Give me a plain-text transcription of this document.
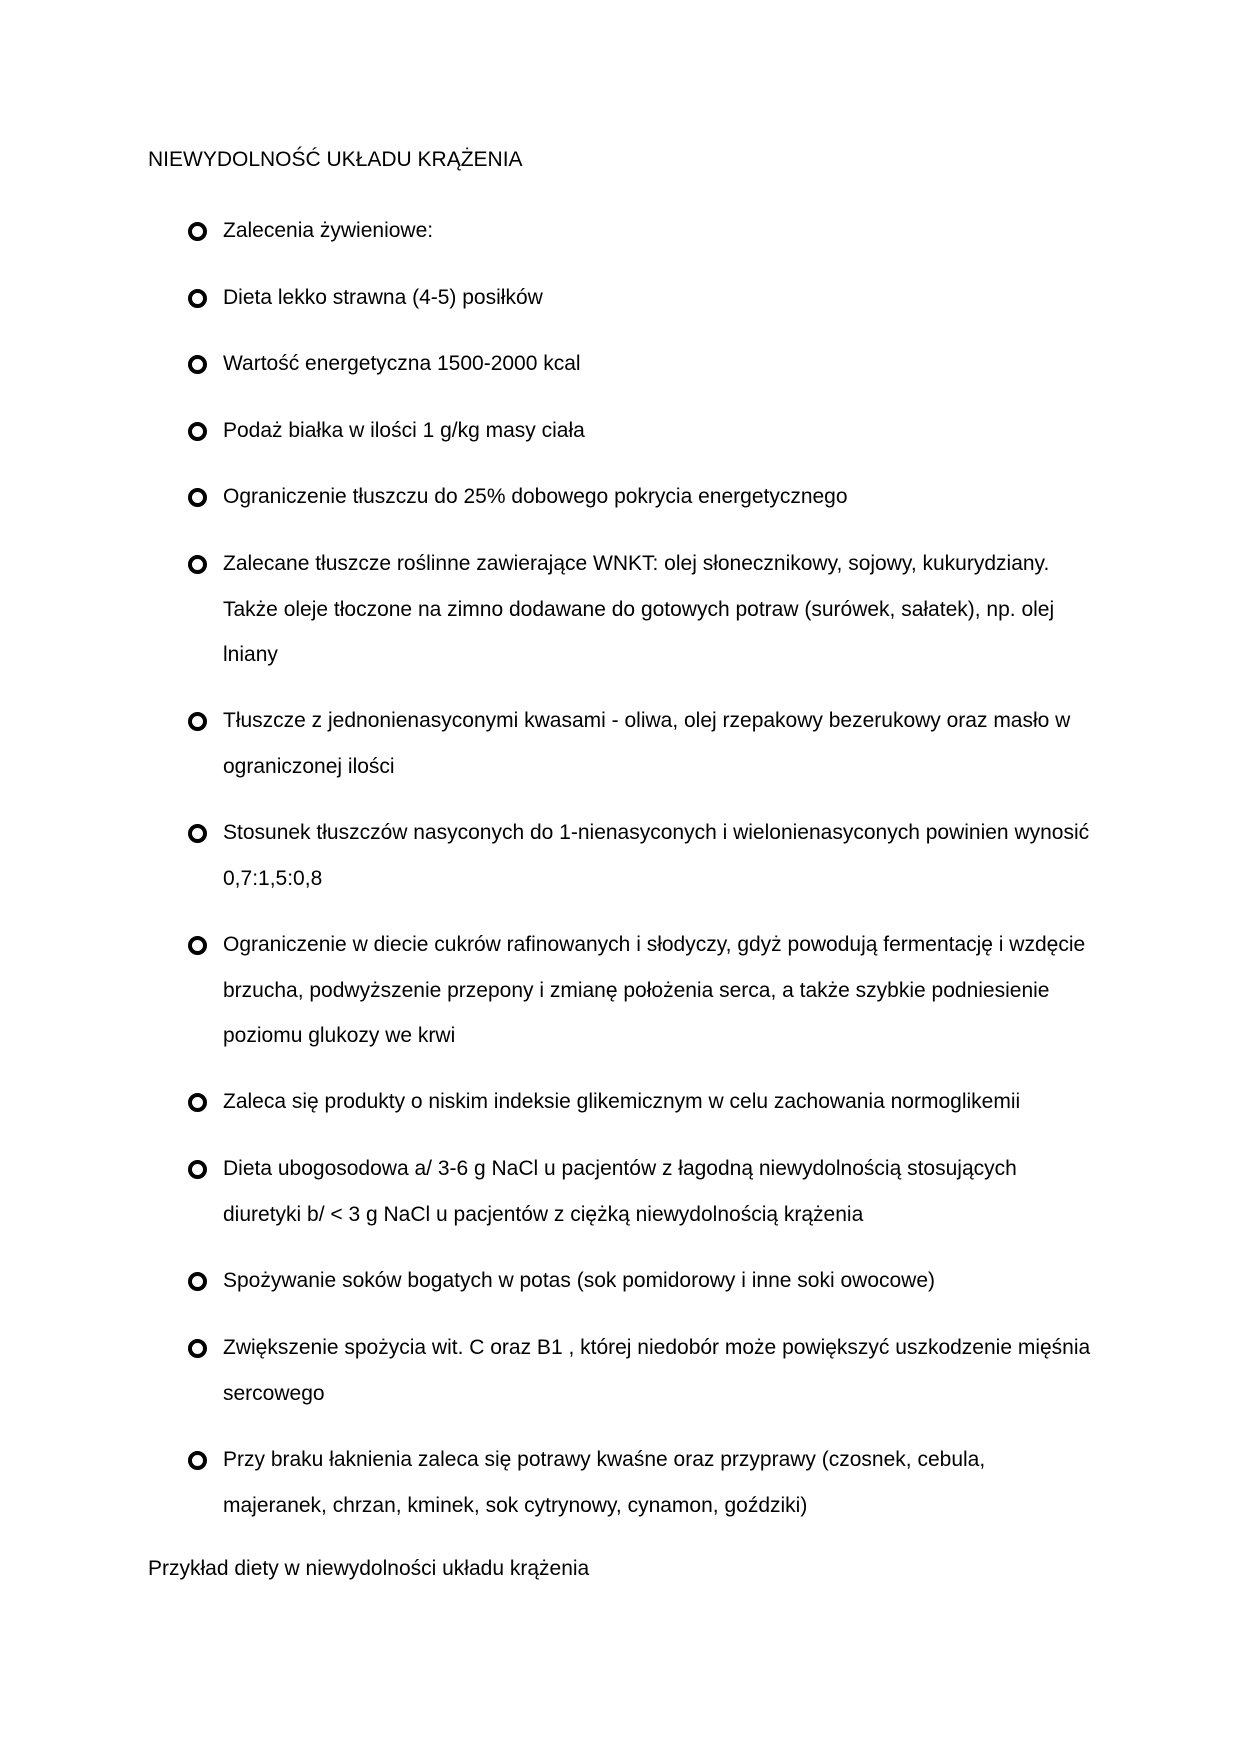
NIEWYDOLNOŚĆ UKŁADU KRĄŻENIA
Zalecenia żywieniowe:
Dieta lekko strawna (4-5) posiłków
Wartość energetyczna 1500-2000 kcal
Podaż białka w ilości 1 g/kg masy ciała
Ograniczenie tłuszczu do 25% dobowego pokrycia energetycznego
Zalecane tłuszcze roślinne zawierające WNKT: olej słonecznikowy, sojowy, kukurydziany. Także oleje tłoczone na zimno dodawane do gotowych potraw (surówek, sałatek), np. olej lniany
Tłuszcze z jednonienasyconymi kwasami - oliwa, olej rzepakowy bezerukowy oraz masło w ograniczonej ilości
Stosunek tłuszczów nasyconych do 1-nienasyconych i wielonienasyconych powinien wynosić 0,7:1,5:0,8
Ograniczenie w diecie cukrów rafinowanych i słodyczy, gdyż powodują fermentację i wzdęcie brzucha, podwyższenie przepony i zmianę położenia serca, a także szybkie podniesienie poziomu glukozy we krwi
Zaleca się produkty o niskim indeksie glikemicznym w celu zachowania normoglikemii
Dieta ubogosodowa a/ 3-6 g NaCl u pacjentów z łagodną niewydolnością stosujących diuretyki b/ < 3 g NaCl u pacjentów z ciężką niewydolnością krążenia
Spożywanie soków bogatych w potas (sok pomidorowy i inne soki owocowe)
Zwiększenie spożycia wit. C oraz B1 , której niedobór może powiększyć uszkodzenie mięśnia sercowego
Przy braku łaknienia zaleca się potrawy kwaśne oraz przyprawy (czosnek, cebula, majeranek, chrzan, kminek, sok cytrynowy, cynamon, goździki)
Przykład diety w niewydolności układu krążenia
